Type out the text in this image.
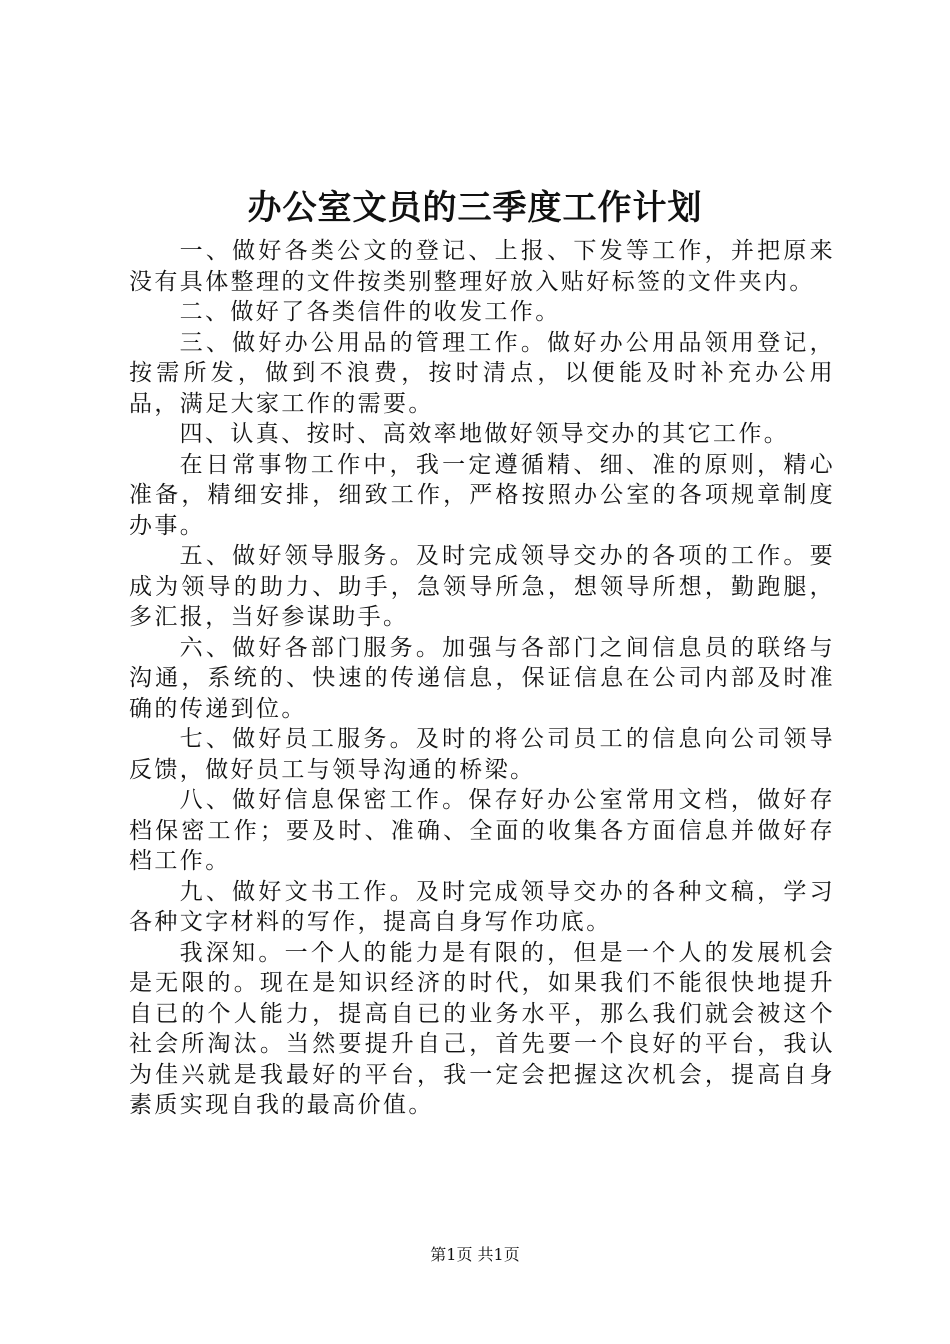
办公室文员的三季度工作计划

一、做好各类公文的登记、上报、下发等工作，并把原来没有具体整理的文件按类别整理好放入贴好标签的文件夹内。

二、做好了各类信件的收发工作。

三、做好办公用品的管理工作。做好办公用品领用登记，按需所发，做到不浪费，按时清点，以便能及时补充办公用品，满足大家工作的需要。

四、认真、按时、高效率地做好领导交办的其它工作。

在日常事物工作中，我一定遵循精、细、准的原则，精心准备，精细安排，细致工作，严格按照办公室的各项规章制度办事。

五、做好领导服务。及时完成领导交办的各项的工作。要成为领导的助力、助手，急领导所急，想领导所想，勤跑腿，多汇报，当好参谋助手。

六、做好各部门服务。加强与各部门之间信息员的联络与沟通，系统的、快速的传递信息，保证信息在公司内部及时准确的传递到位。

七、做好员工服务。及时的将公司员工的信息向公司领导反馈，做好员工与领导沟通的桥梁。

八、做好信息保密工作。保存好办公室常用文档，做好存档保密工作；要及时、准确、全面的收集各方面信息并做好存档工作。

九、做好文书工作。及时完成领导交办的各种文稿，学习各种文字材料的写作，提高自身写作功底。

我深知。一个人的能力是有限的，但是一个人的发展机会是无限的。现在是知识经济的时代，如果我们不能很快地提升自已的个人能力，提高自已的业务水平，那么我们就会被这个社会所淘汰。当然要提升自己，首先要一个良好的平台，我认为佳兴就是我最好的平台，我一定会把握这次机会，提高自身素质实现自我的最高价值。

第1页 共1页
